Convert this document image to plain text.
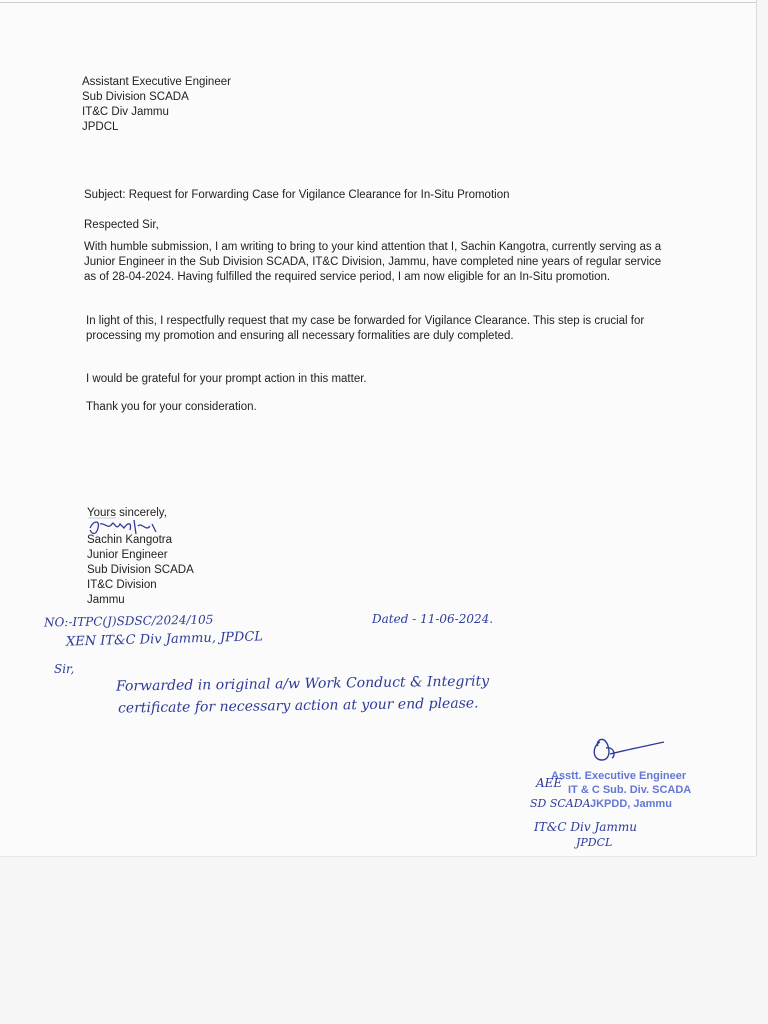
Assistant Executive Engineer
Sub Division SCADA
IT&C Div Jammu
JPDCL
Subject: Request for Forwarding Case for Vigilance Clearance for In-Situ Promotion
Respected Sir,
With humble submission, I am writing to bring to your kind attention that I, Sachin Kangotra, currently serving as a Junior Engineer in the Sub Division SCADA, IT&C Division, Jammu, have completed nine years of regular service as of 28-04-2024. Having fulfilled the required service period, I am now eligible for an In-Situ promotion.
In light of this, I respectfully request that my case be forwarded for Vigilance Clearance. This step is crucial for processing my promotion and ensuring all necessary formalities are duly completed.
I would be grateful for your prompt action in this matter.
Thank you for your consideration.
Yours sincerely,
Sachin Kangotra
Junior Engineer
Sub Division SCADA
IT&C Division
Jammu
NO:-ITPC(J)SDSC/2024/105	Dated - 11-06-2024.
XEN IT&C Div Jammu, JPDCL
Sir,
Forwarded in original a/w Work Conduct & Integrity
certificate for necessary action at your end please.
Asstt. Executive Engineer
IT & C Sub. Div. SCADA
JKPDD, Jammu
AEE
SD SCADA
IT&C Div Jammu
JPDCL
